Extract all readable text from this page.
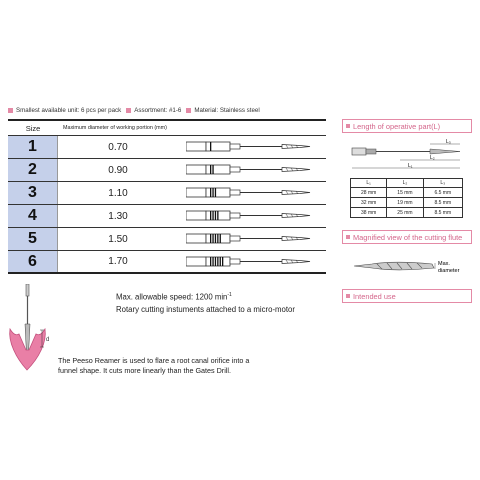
Smallest available unit: 6 pcs per pack Assortment: #1-6 Material: Stainless steel
Size	Maximum diameter of working portion (mm)
1	0.70
2	0.90
3	1.10
4	1.30
5	1.50
6	1.70
Max. allowable speed: 1200 $\min^{-1}$
Rotary cutting instuments attached to a micro-motor
d
The Peeso Reamer is used to flare a root canal orifice into a funnel shape. It cuts more linearly than the Gates Drill.
Length of operative part(L)
L₃
L₂
L₁
L₁	L₂	L₃
28 mm	15 mm	6.5 mm
32 mm	19 mm	8.5 mm
38 mm	25 mm	8.5 mm
Magnified view of the cutting flute
Max.
diameter
Intended use
